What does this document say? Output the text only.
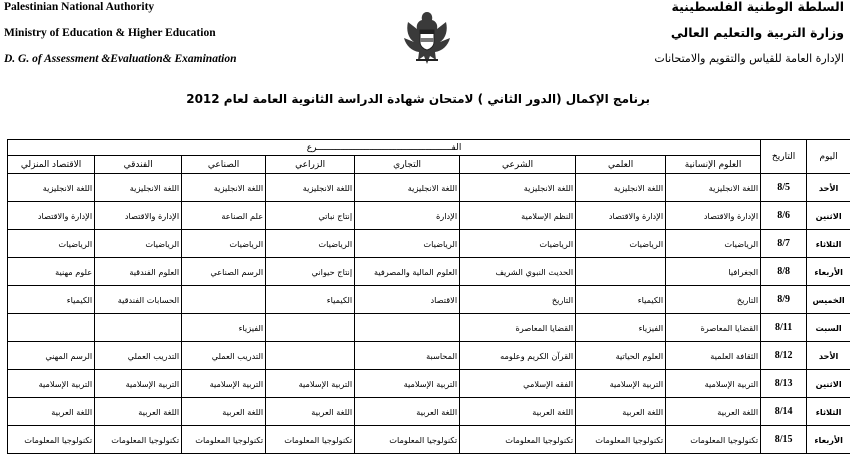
Palestinian National Authority
Ministry of Education & Higher Education
D. G. of Assessment &Evaluation& Examination
السلطة الوطنية الفلسطينية
وزارة التربية والتعليم العالي
الإدارة العامة للقياس والتقويم والامتحانات
برنامج الإكمال (الدور الثاني ) لامتحان شهادة الدراسة الثانوية العامة لعام 2012
اليوم	التاريخ	الفـــــــــــــــــــــــــــــــــــــــــــــــــــرع							
		العلوم الإنسانية	العلمي	الشرعي	التجاري	الزراعي	الصناعي	الفندقي	الاقتصاد المنزلي
الأحد	8/5	اللغة الانجليزية	اللغة الانجليزية	اللغة الانجليزية	اللغة الانجليزية	اللغة الانجليزية	اللغة الانجليزية	اللغة الانجليزية	اللغة الانجليزية
الاثنين	8/6	الإدارة والاقتصاد	الإدارة والاقتصاد	النظم الإسلامية	الإدارة	إنتاج نباتي	علم الصناعة	الإدارة والاقتصاد	الإدارة والاقتصاد
الثلاثاء	8/7	الرياضيات	الرياضيات	الرياضيات	الرياضيات	الرياضيات	الرياضيات	الرياضيات	الرياضيات
الأربعاء	8/8	الجغرافيا		الحديث النبوي الشريف	العلوم المالية والمصرفية	إنتاج حيواني	الرسم الصناعي	العلوم الفندقية	علوم مهنية
الخميس	8/9	التاريخ	الكيمياء	التاريخ	الاقتصاد	الكيمياء		الحسابات الفندقية	الكيمياء
السبت	8/11	القضايا المعاصرة	الفيزياء	القضايا المعاصرة			الفيزياء		
الأحد	8/12	الثقافة العلمية	العلوم الحياتية	القرآن الكريم وعلومه	المحاسبة		التدريب العملي	التدريب العملي	الرسم المهني
الاثنين	8/13	التربية الإسلامية	التربية الإسلامية	الفقه الإسلامي	التربية الإسلامية	التربية الإسلامية	التربية الإسلامية	التربية الإسلامية	التربية الإسلامية
الثلاثاء	8/14	اللغة العربية	اللغة العربية	اللغة العربية	اللغة العربية	اللغة العربية	اللغة العربية	اللغة العربية	اللغة العربية
الأربعاء	8/15	تكنولوجيا المعلومات	تكنولوجيا المعلومات	تكنولوجيا المعلومات	تكنولوجيا المعلومات	تكنولوجيا المعلومات	تكنولوجيا المعلومات	تكنولوجيا المعلومات	تكنولوجيا المعلومات
